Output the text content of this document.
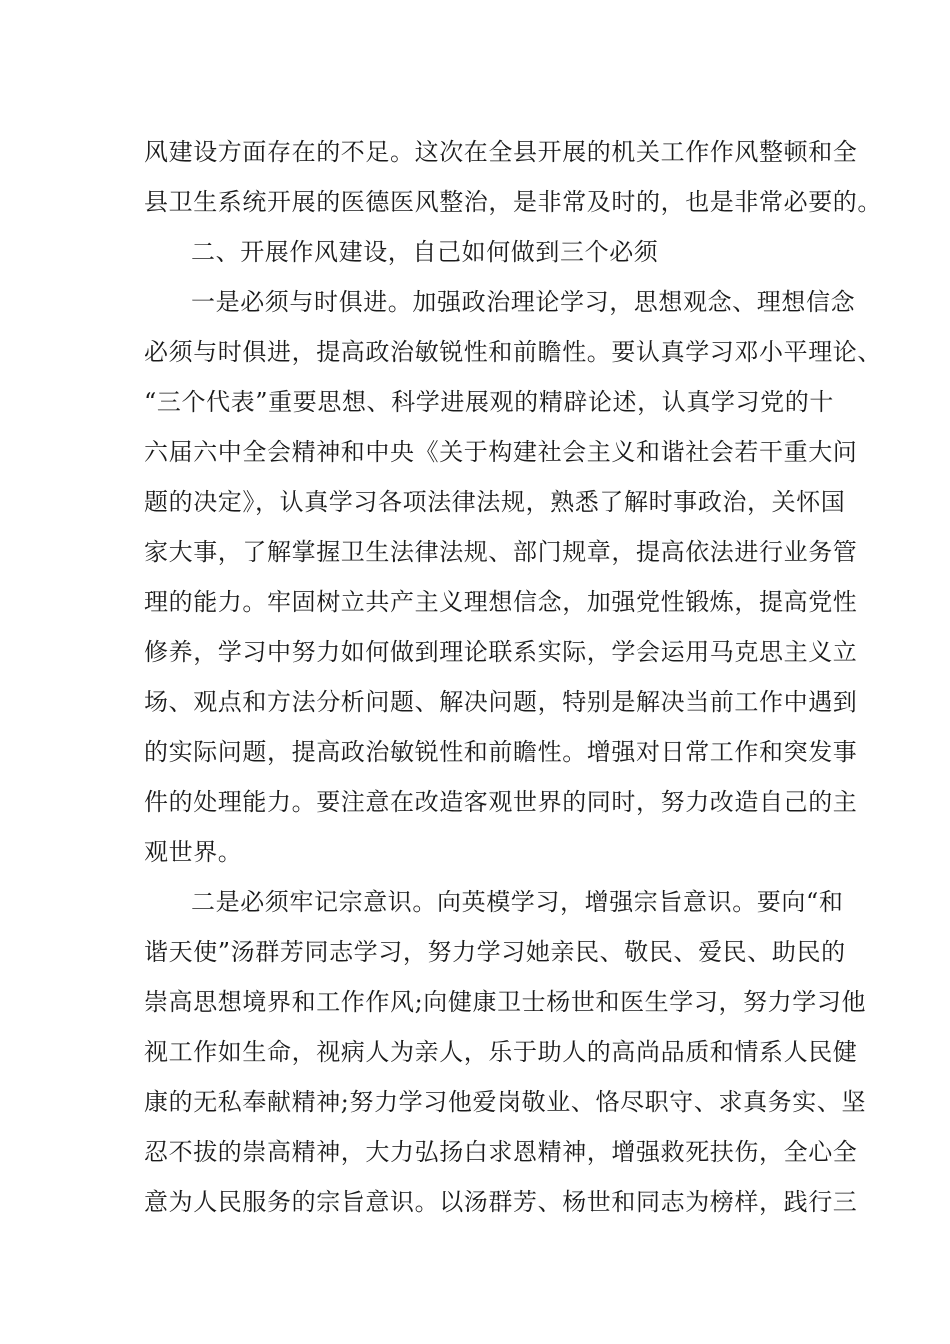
风建设方面存在的不足。这次在全县开展的机关工作作风整顿和全
县卫生系统开展的医德医风整治，是非常及时的，也是非常必要的。
二、开展作风建设，自己如何做到三个必须
一是必须与时俱进。加强政治理论学习，思想观念、理想信念
必须与时俱进，提高政治敏锐性和前瞻性。要认真学习邓小平理论、
“三个代表”重要思想、科学进展观的精辟论述，认真学习党的十
六届六中全会精神和中央《关于构建社会主义和谐社会若干重大问
题的决定》，认真学习各项法律法规，熟悉了解时事政治，关怀国
家大事，了解掌握卫生法律法规、部门规章，提高依法进行业务管
理的能力。牢固树立共产主义理想信念，加强党性锻炼，提高党性
修养，学习中努力如何做到理论联系实际，学会运用马克思主义立
场、观点和方法分析问题、解决问题，特别是解决当前工作中遇到
的实际问题，提高政治敏锐性和前瞻性。增强对日常工作和突发事
件的处理能力。要注意在改造客观世界的同时，努力改造自己的主
观世界。
二是必须牢记宗意识。向英模学习，增强宗旨意识。要向“和
谐天使”汤群芳同志学习，努力学习她亲民、敬民、爱民、助民的
崇高思想境界和工作作风;向健康卫士杨世和医生学习，努力学习他
视工作如生命，视病人为亲人，乐于助人的高尚品质和情系人民健
康的无私奉献精神;努力学习他爱岗敬业、恪尽职守、求真务实、坚
忍不拔的崇高精神，大力弘扬白求恩精神，增强救死扶伤，全心全
意为人民服务的宗旨意识。以汤群芳、杨世和同志为榜样，践行三
